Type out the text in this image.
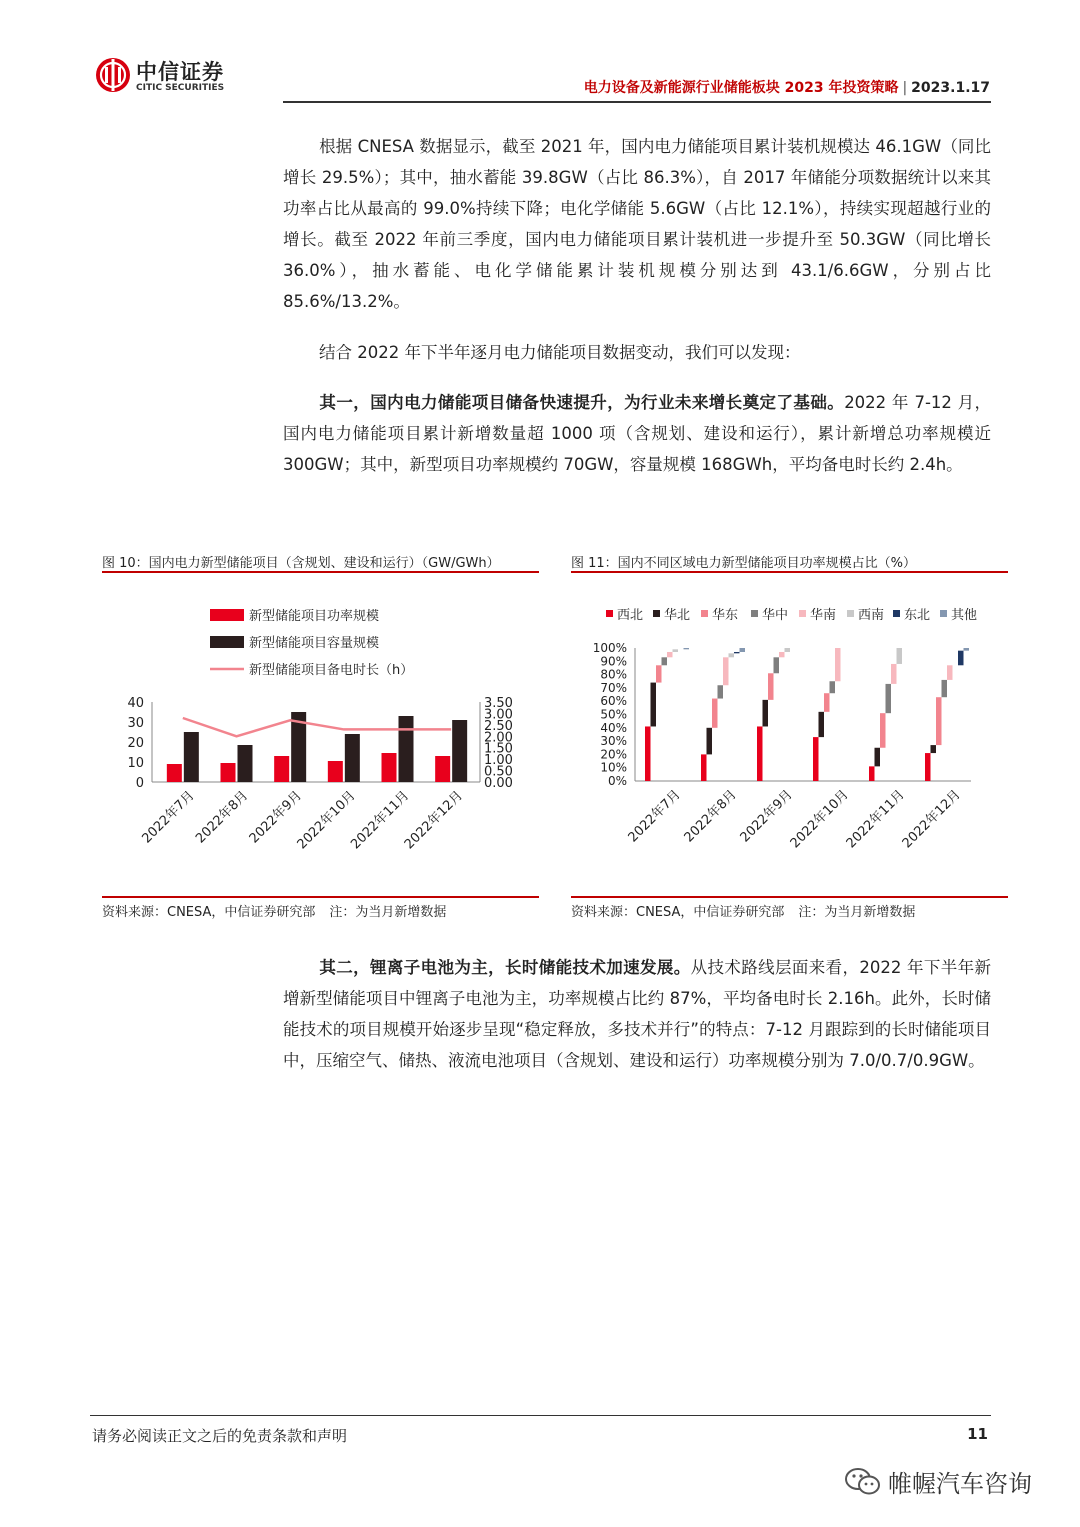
中信证券
CITIC SECURITIES	电力设备及新能源行业储能板块 2023 年投资策略 | 2023.1.17

根据 CNESA 数据显示，截至 2021 年，国内电力储能项目累计装机规模达 46.1GW（同比增长 29.5%）；其中，抽水蓄能 39.8GW（占比 86.3%），自 2017 年储能分项数据统计以来其功率占比从最高的 99.0%持续下降；电化学储能 5.6GW（占比 12.1%），持续实现超越行业的增长。截至 2022 年前三季度，国内电力储能项目累计装机进一步提升至 50.3GW（同比增长 36.0%），抽水蓄能、电化学储能累计装机规模分别达到 43.1/6.6GW，分别占比 85.6%/13.2%。

结合 2022 年下半年逐月电力储能项目数据变动，我们可以发现：

其一，国内电力储能项目储备快速提升，为行业未来增长奠定了基础。2022 年 7-12 月，国内电力储能项目累计新增数量超 1000 项（含规划、建设和运行），累计新增总功率规模近 300GW；其中，新型项目功率规模约 70GW，容量规模 168GWh，平均备电时长约 2.4h。

图 10：国内电力新型储能项目（含规划、建设和运行）（GW/GWh）
新型储能项目功率规模
新型储能项目容量规模
新型储能项目备电时长（h）
0
10
20
30
40
0.00
0.50
1.00
1.50
2.00
2.50
3.00
3.50
2022年7月
2022年8月
2022年9月
2022年10月
2022年11月
2022年12月
资料来源：CNESA，中信证券研究部 注：为当月新增数据
图 11：国内不同区域电力新型储能项目功率规模占比（%）
西北 华北 华东 华中 华南 西南 东北 其他
0%
10%
20%
30%
40%
50%
60%
70%
80%
90%
100%
2022年7月
2022年8月
2022年9月
2022年10月
2022年11月
2022年12月
资料来源：CNESA，中信证券研究部 注：为当月新增数据

其二，锂离子电池为主，长时储能技术加速发展。从技术路线层面来看，2022 年下半年新增新型储能项目中锂离子电池为主，功率规模占比约 87%，平均备电时长 2.16h。此外，长时储能技术的项目规模开始逐步呈现“稳定释放，多技术并行”的特点：7-12 月跟踪到的长时储能项目中，压缩空气、储热、液流电池项目（含规划、建设和运行）功率规模分别为 7.0/0.7/0.9GW。

请务必阅读正文之后的免责条款和声明	11
帷幄汽车咨询
